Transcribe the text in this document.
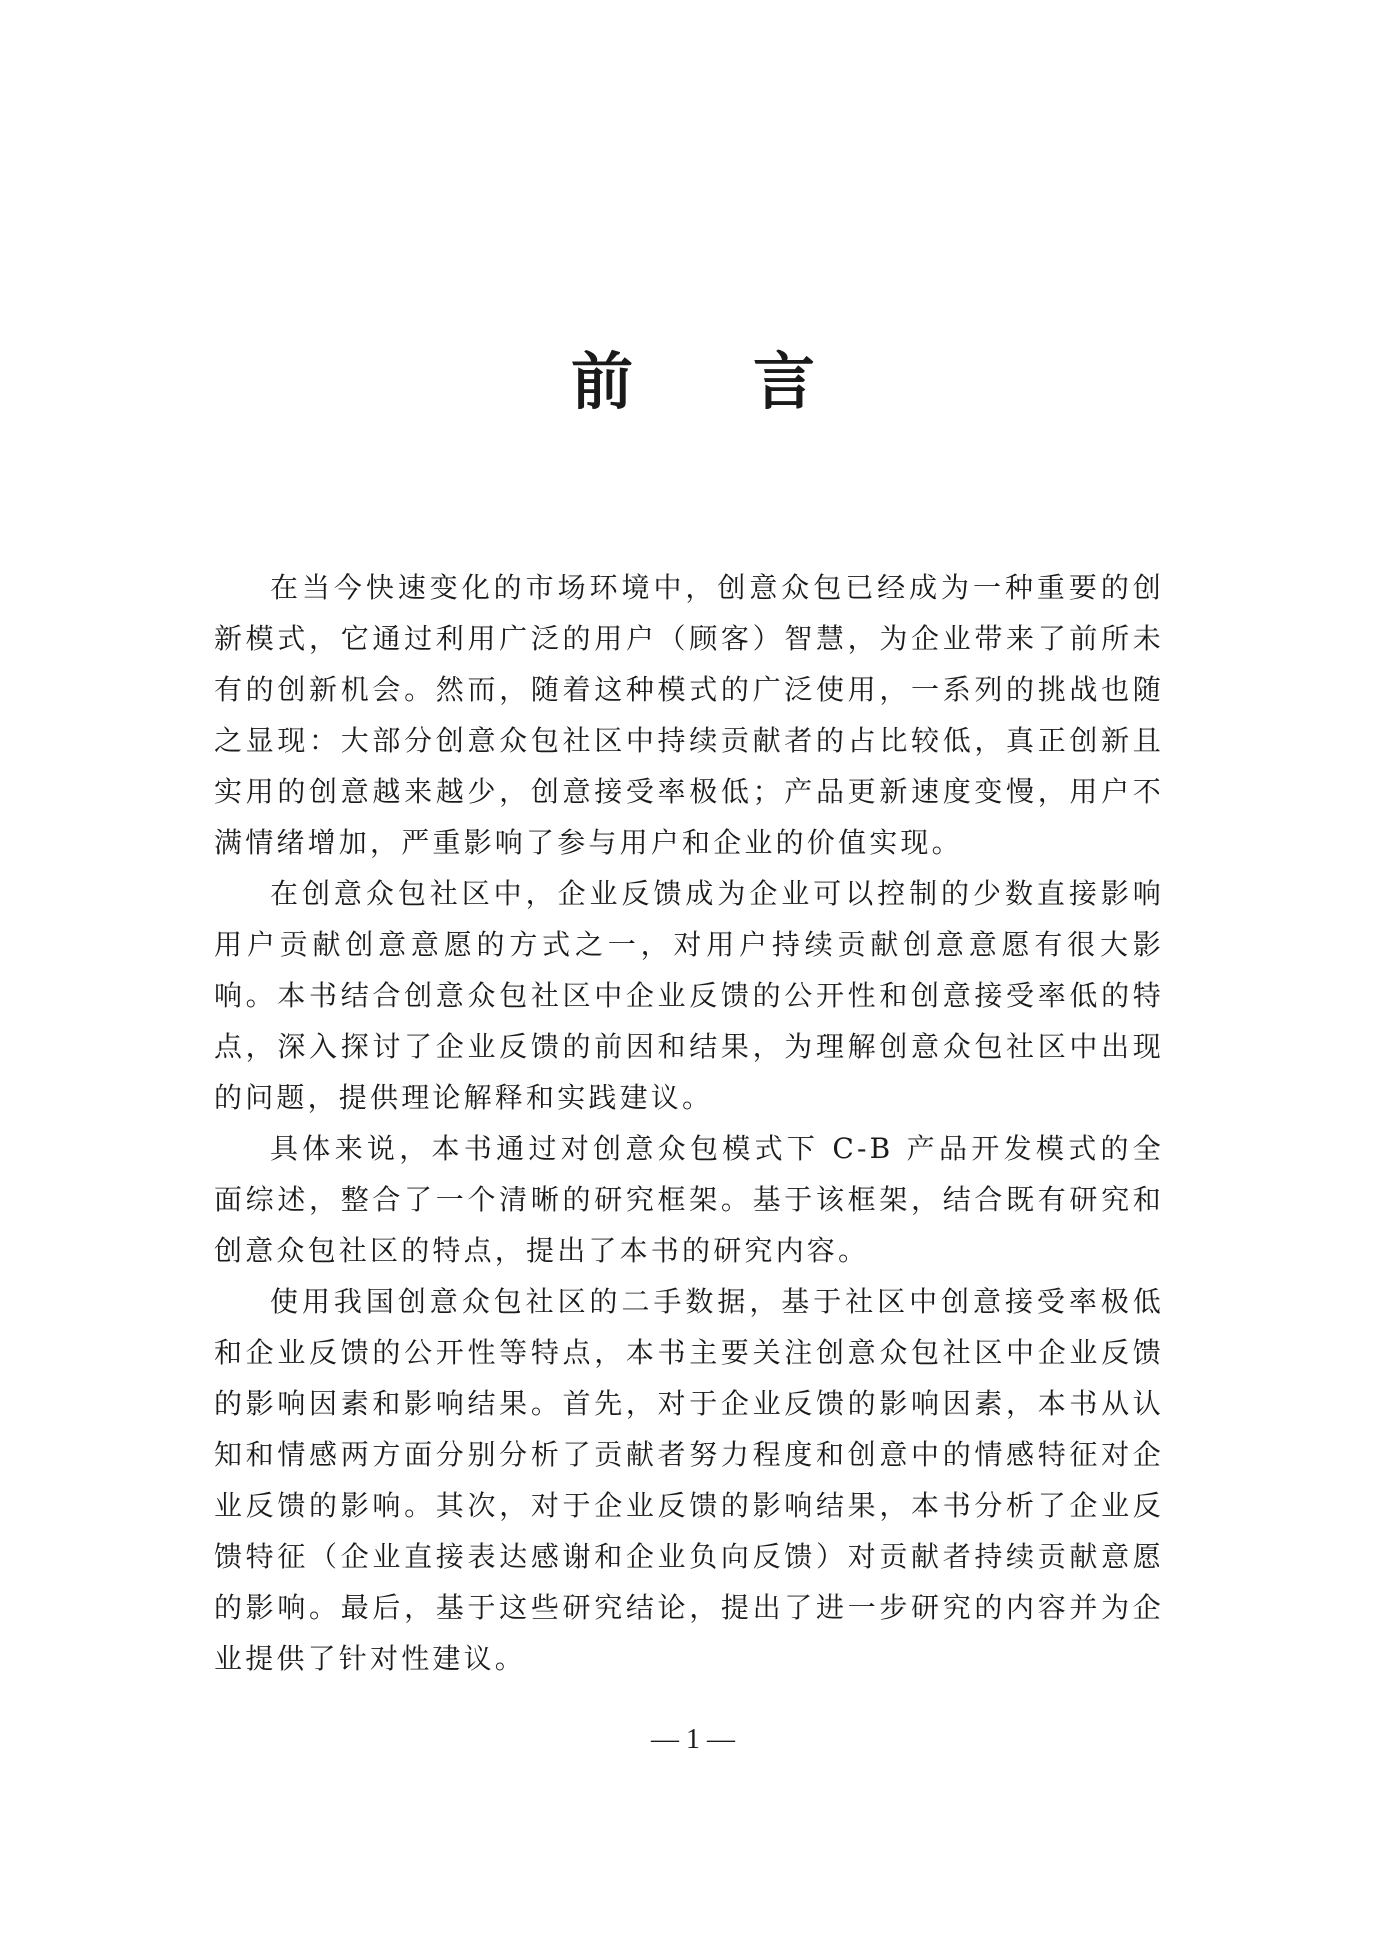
前言

在当今快速变化的市场环境中，创意众包已经成为一种重要的创新模式，它通过利用广泛的用户（顾客）智慧，为企业带来了前所未有的创新机会。然而，随着这种模式的广泛使用，一系列的挑战也随之显现：大部分创意众包社区中持续贡献者的占比较低，真正创新且实用的创意越来越少，创意接受率极低；产品更新速度变慢，用户不满情绪增加，严重影响了参与用户和企业的价值实现。

在创意众包社区中，企业反馈成为企业可以控制的少数直接影响用户贡献创意意愿的方式之一，对用户持续贡献创意意愿有很大影响。本书结合创意众包社区中企业反馈的公开性和创意接受率低的特点，深入探讨了企业反馈的前因和结果，为理解创意众包社区中出现的问题，提供理论解释和实践建议。

具体来说，本书通过对创意众包模式下 C-B 产品开发模式的全面综述，整合了一个清晰的研究框架。基于该框架，结合既有研究和创意众包社区的特点，提出了本书的研究内容。

使用我国创意众包社区的二手数据，基于社区中创意接受率极低和企业反馈的公开性等特点，本书主要关注创意众包社区中企业反馈的影响因素和影响结果。首先，对于企业反馈的影响因素，本书从认知和情感两方面分别分析了贡献者努力程度和创意中的情感特征对企业反馈的影响。其次，对于企业反馈的影响结果，本书分析了企业反馈特征（企业直接表达感谢和企业负向反馈）对贡献者持续贡献意愿的影响。最后，基于这些研究结论，提出了进一步研究的内容并为企业提供了针对性建议。

— 1 —
